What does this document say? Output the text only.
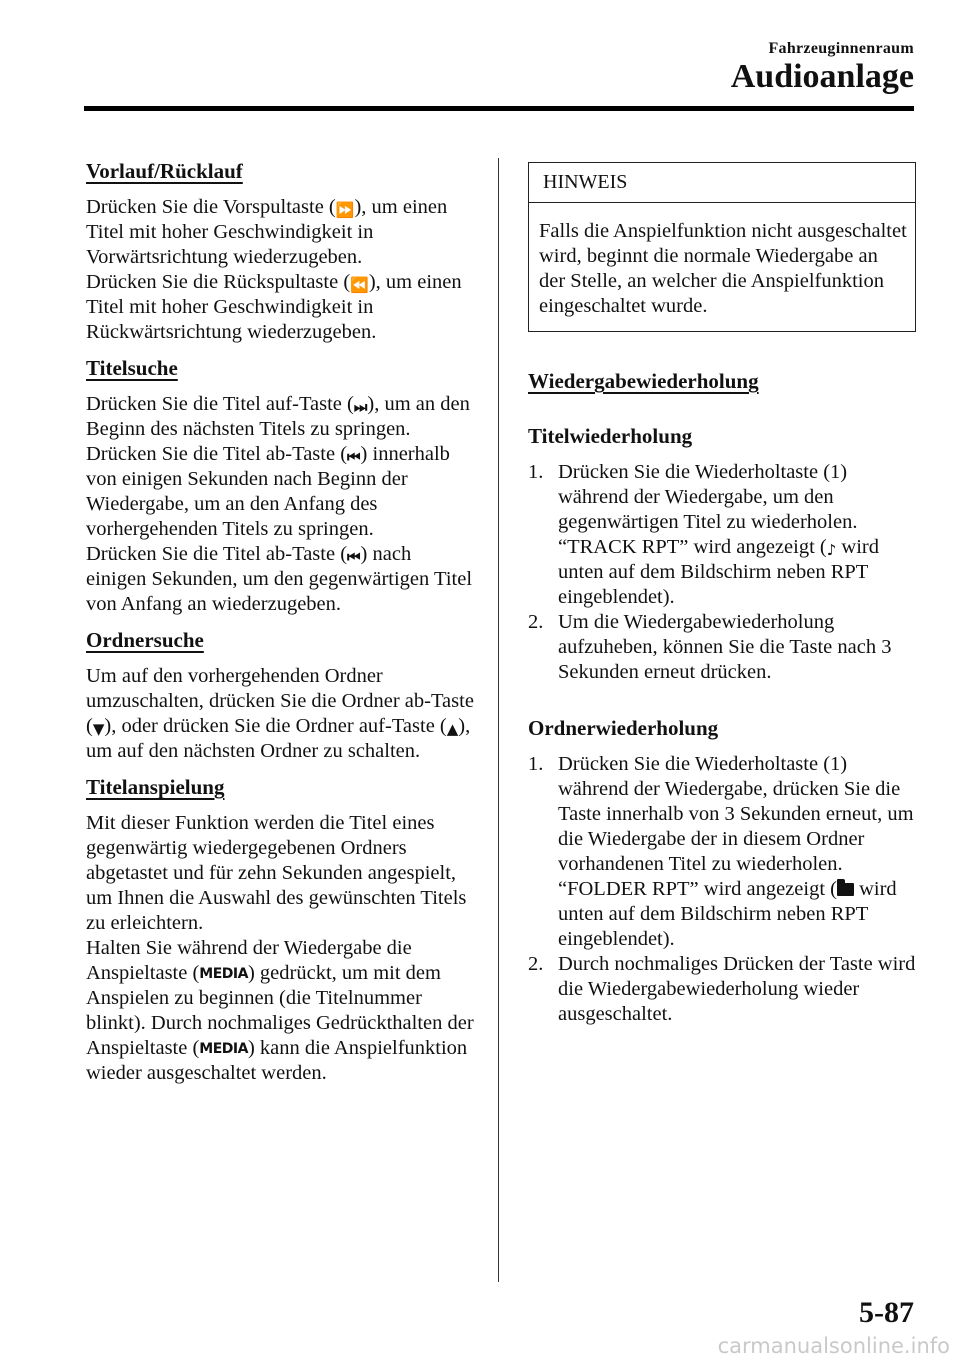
Fahrzeuginnenraum
Audioanlage
Vorlauf/Rücklauf

Drücken Sie die Vorspultaste (⏩), um einen Titel mit hoher Geschwindigkeit in Vorwärtsrichtung wiederzugeben.

Drücken Sie die Rückspultaste (⏪), um einen Titel mit hoher Geschwindigkeit in Rückwärtsrichtung wiederzugeben.

Titelsuche

Drücken Sie die Titel auf-Taste (⏭), um an den Beginn des nächsten Titels zu springen.

Drücken Sie die Titel ab-Taste (⏮) innerhalb von einigen Sekunden nach Beginn der Wiedergabe, um an den Anfang des vorhergehenden Titels zu springen.

Drücken Sie die Titel ab-Taste (⏮) nach einigen Sekunden, um den gegenwärtigen Titel von Anfang an wiederzugeben.

Ordnersuche

Um auf den vorhergehenden Ordner umzuschalten, drücken Sie die Ordner ab-Taste (▼), oder drücken Sie die Ordner auf-Taste (▲), um auf den nächsten Ordner zu schalten.

Titelanspielung

Mit dieser Funktion werden die Titel eines gegenwärtig wiedergegebenen Ordners abgetastet und für zehn Sekunden angespielt, um Ihnen die Auswahl des gewünschten Titels zu erleichtern.

Halten Sie während der Wiedergabe die Anspieltaste (MEDIA) gedrückt, um mit dem Anspielen zu beginnen (die Titelnummer blinkt). Durch nochmaliges Gedrückthalten der Anspieltaste (MEDIA) kann die Anspielfunktion wieder ausgeschaltet werden.

HINWEIS
Falls die Anspielfunktion nicht ausgeschaltet wird, beginnt die normale Wiedergabe an der Stelle, an welcher die Anspielfunktion eingeschaltet wurde.
Wiedergabewiederholung
Titelwiederholung
1. Drücken Sie die Wiederholtaste (1) während der Wiedergabe, um den gegenwärtigen Titel zu wiederholen. “TRACK RPT” wird angezeigt (♪ wird unten auf dem Bildschirm neben RPT eingeblendet).
2. Um die Wiedergabewiederholung aufzuheben, können Sie die Taste nach 3 Sekunden erneut drücken.
Ordnerwiederholung
1. Drücken Sie die Wiederholtaste (1) während der Wiedergabe, drücken Sie die Taste innerhalb von 3 Sekunden erneut, um die Wiedergabe der in diesem Ordner vorhandenen Titel zu wiederholen. “FOLDER RPT” wird angezeigt ( wird unten auf dem Bildschirm neben RPT eingeblendet).
2. Durch nochmaliges Drücken der Taste wird die Wiedergabewiederholung wieder ausgeschaltet.
5-87
carmanualsonline.info
